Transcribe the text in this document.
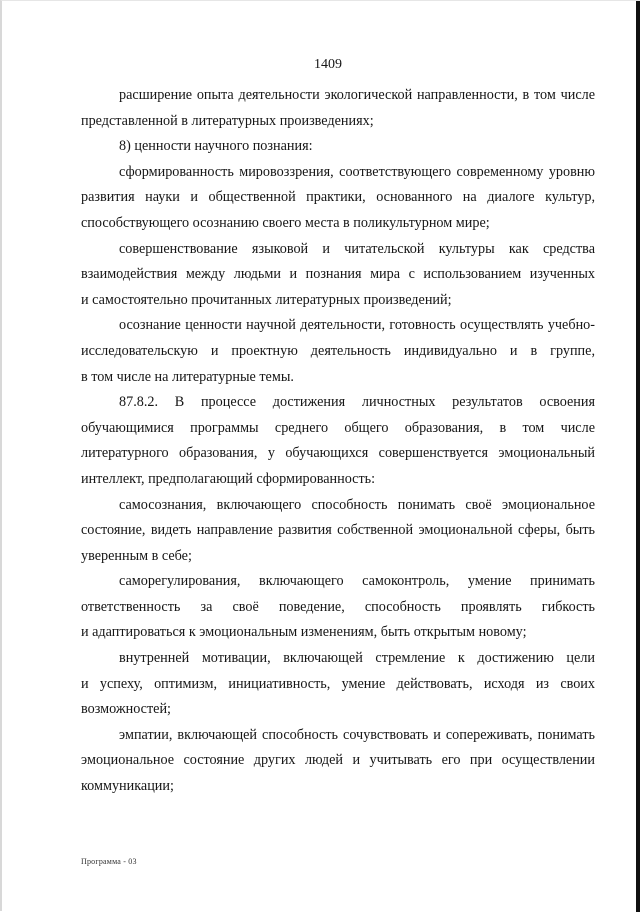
1409

расширение опыта деятельности экологической направленности, в том числе

представленной в литературных произведениях;

8) ценности научного познания:

сформированность мировоззрения, соответствующего современному уровню

развития науки и общественной практики, основанного на диалоге культур,

способствующего осознанию своего места в поликультурном мире;

совершенствование языковой и читательской культуры как средства

взаимодействия между людьми и познания мира с использованием изученных

и самостоятельно прочитанных литературных произведений;

осознание ценности научной деятельности, готовность осуществлять учебно-

исследовательскую и проектную деятельность индивидуально и в группе,

в том числе на литературные темы.

87.8.2. В процессе достижения личностных результатов освоения

обучающимися программы среднего общего образования, в том числе

литературного образования, у обучающихся совершенствуется эмоциональный

интеллект, предполагающий сформированность:

самосознания, включающего способность понимать своё эмоциональное

состояние, видеть направление развития собственной эмоциональной сферы, быть

уверенным в себе;

саморегулирования, включающего самоконтроль, умение принимать

ответственность за своё поведение, способность проявлять гибкость

и адаптироваться к эмоциональным изменениям, быть открытым новому;

внутренней мотивации, включающей стремление к достижению цели

и успеху, оптимизм, инициативность, умение действовать, исходя из своих

возможностей;

эмпатии, включающей способность сочувствовать и сопереживать, понимать

эмоциональное состояние других людей и учитывать его при осуществлении

коммуникации;

Программа - 03
